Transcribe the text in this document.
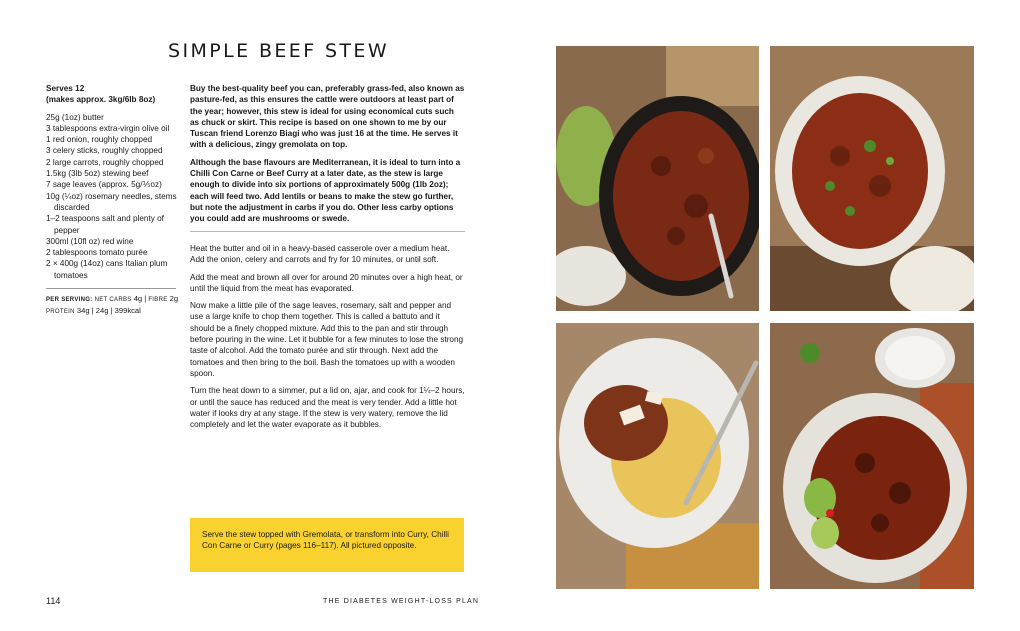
SIMPLE BEEF STEW
Serves 12
(makes approx. 3kg/6lb 8oz)
25g (1oz) butter
3 tablespoons extra-virgin olive oil
1 red onion, roughly chopped
3 celery sticks, roughly chopped
2 large carrots, roughly chopped
1.5kg (3lb 5oz) stewing beef
7 sage leaves (approx. 5g/⅕oz)
10g (¼oz) rosemary needles, stems discarded
1–2 teaspoons salt and plenty of pepper
300ml (10fl oz) red wine
2 tablespoons tomato purée
2 × 400g (14oz) cans Italian plum tomatoes
PER SERVING: NET CARBS 4g | FIBRE 2g
PROTEIN 34g | 24g | 399kcal

Buy the best-quality beef you can, preferably grass-fed, also known as pasture-fed, as this ensures the cattle were outdoors at least part of the year; however, this stew is ideal for using economical cuts such as chuck or skirt. This recipe is based on one shown to me by our Tuscan friend Lorenzo Biagi who was just 16 at the time. He serves it with a delicious, zingy gremolata on top.

Although the base flavours are Mediterranean, it is ideal to turn into a Chilli Con Carne or Beef Curry at a later date, as the stew is large enough to divide into six portions of approximately 500g (1lb 2oz); each will feed two. Add lentils or beans to make the stew go further, but note the adjustment in carbs if you do. Other less carby options you could add are mushrooms or swede.

Heat the butter and oil in a heavy-based casserole over a medium heat. Add the onion, celery and carrots and fry for 10 minutes, or until soft.

Add the meat and brown all over for around 20 minutes over a high heat, or until the liquid from the meat has evaporated.

Now make a little pile of the sage leaves, rosemary, salt and pepper and use a large knife to chop them together. This is called a battuto and it should be a finely chopped mixture. Add this to the pan and stir through before pouring in the wine. Let it bubble for a few minutes to lose the strong taste of alcohol. Add the tomato purée and stir through. Next add the tomatoes and then bring to the boil. Bash the tomatoes up with a wooden spoon.

Turn the heat down to a simmer, put a lid on, ajar, and cook for 1¼–2 hours, or until the sauce has reduced and the meat is very tender. Add a little hot water if looks dry at any stage. If the stew is very watery, remove the lid completely and let the water evaporate as it bubbles.

Serve the stew topped with Gremolata, or transform into Curry, Chilli Con Carne or Curry (pages 116–117). All pictured opposite.
114	THE DIABETES WEIGHT-LOSS PLAN
